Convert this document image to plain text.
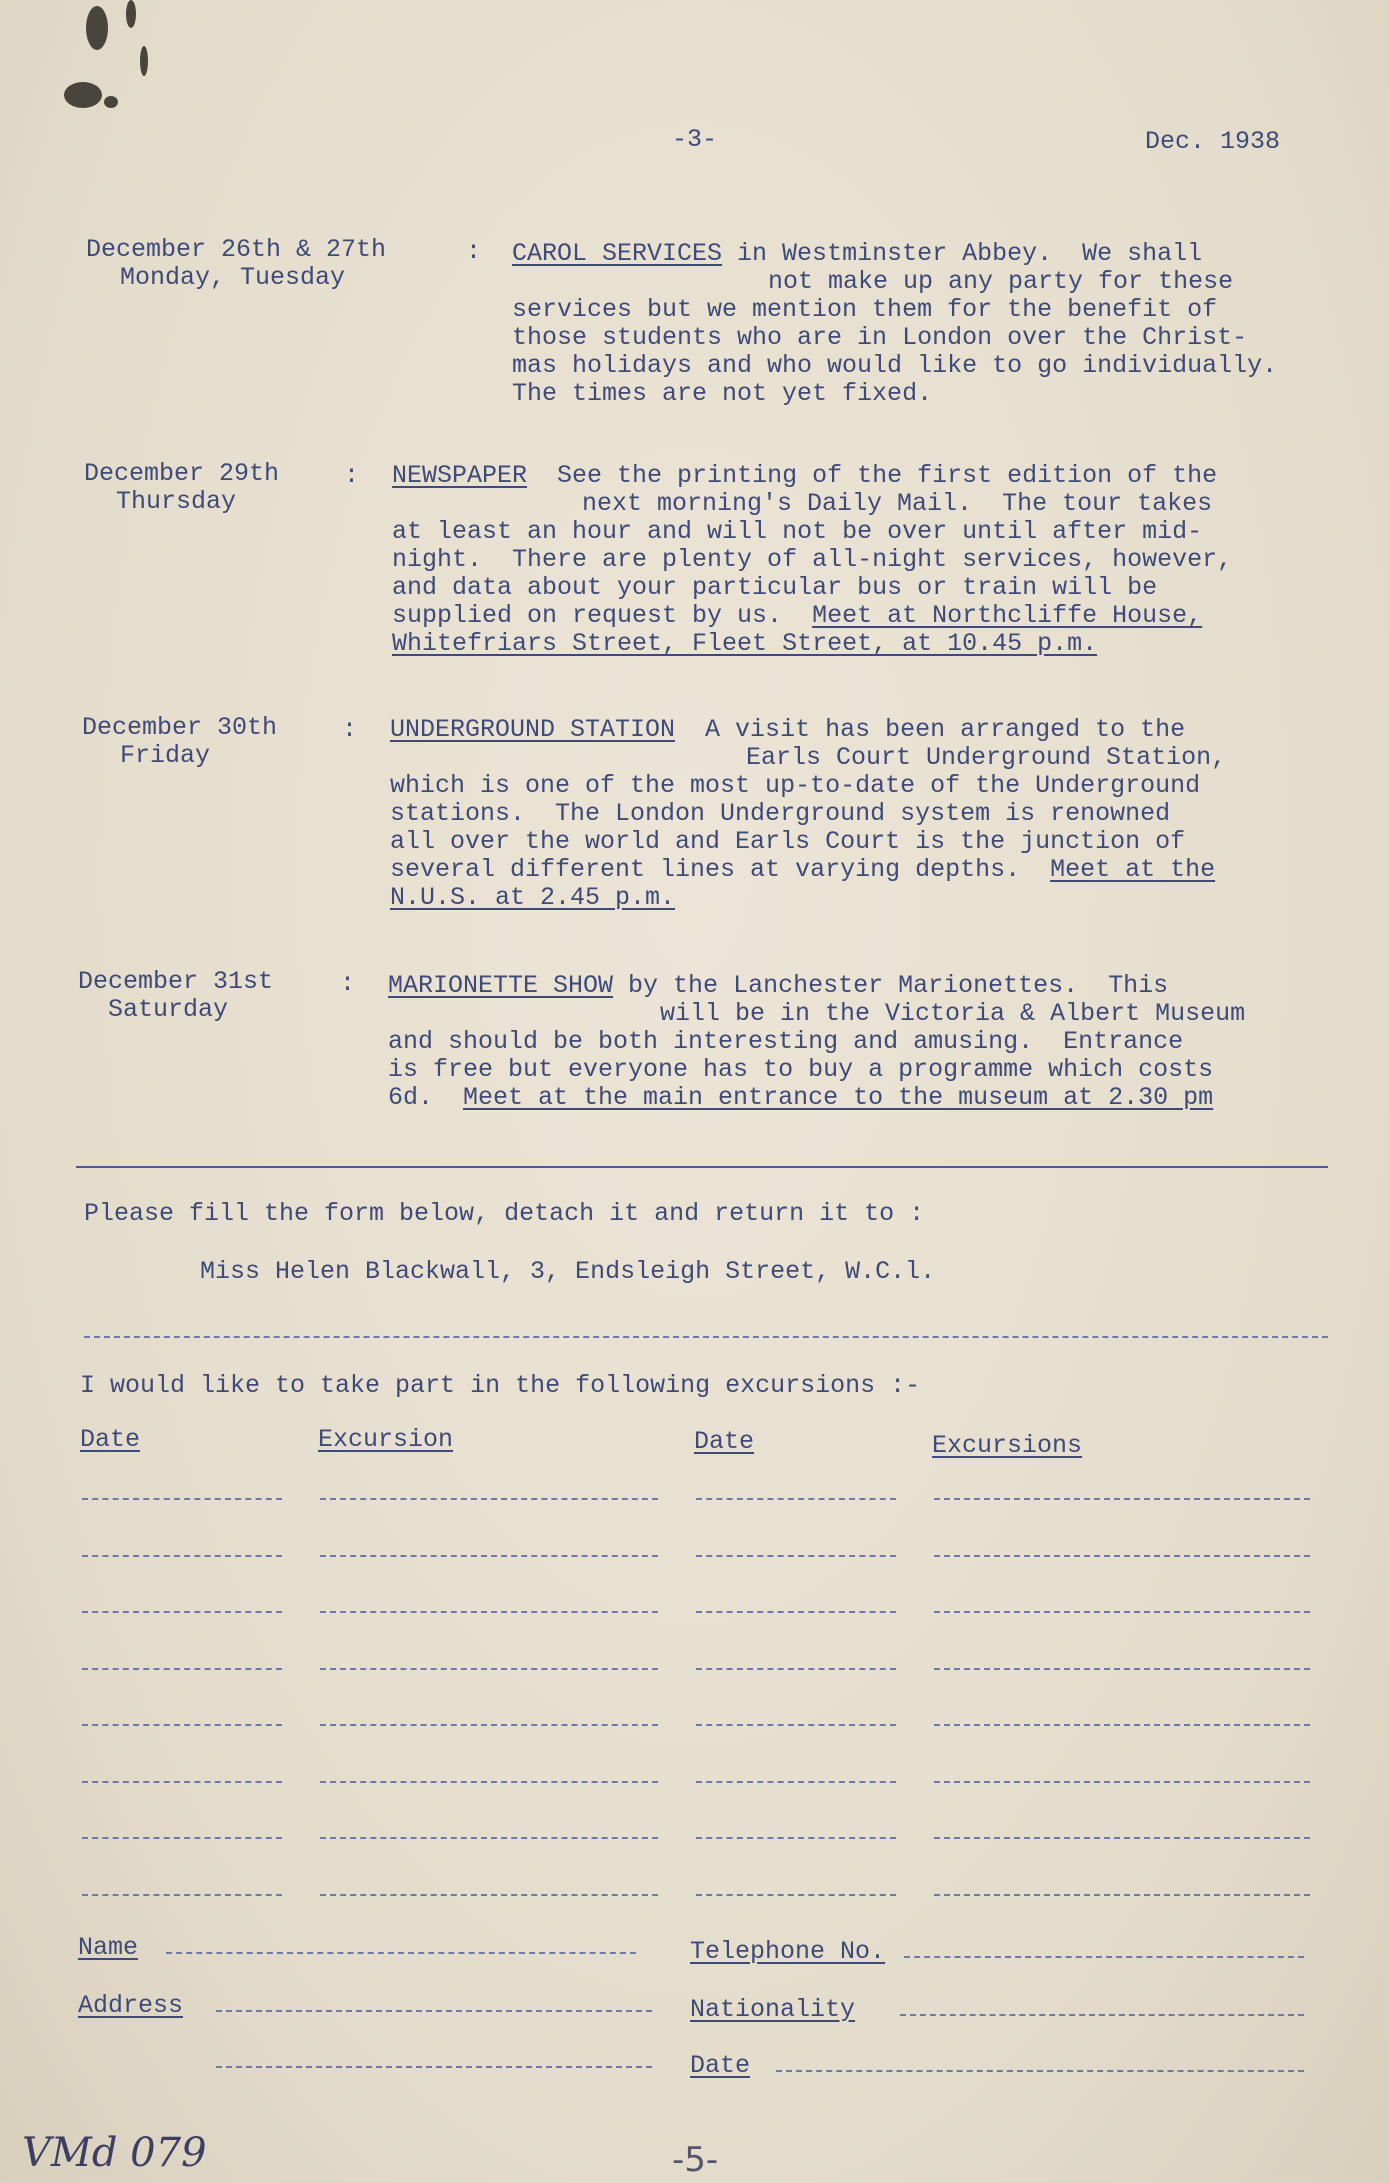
-3-	Dec. 1938
December 26th & 27th
Monday, Tuesday
: CAROL SERVICES in Westminster Abbey.  We shall
not make up any party for these
services but we mention them for the benefit of
those students who are in London over the Christ-
mas holidays and who would like to go individually.
The times are not yet fixed.
December 29th
Thursday
: NEWSPAPER  See the printing of the first edition of the
next morning's Daily Mail.  The tour takes
at least an hour and will not be over until after mid-
night.  There are plenty of all-night services, however,
and data about your particular bus or train will be
supplied on request by us.  Meet at Northcliffe House,
Whitefriars Street, Fleet Street, at 10.45 p.m.
December 30th
Friday
: UNDERGROUND STATION  A visit has been arranged to the
Earls Court Underground Station,
which is one of the most up-to-date of the Underground
stations.  The London Underground system is renowned
all over the world and Earls Court is the junction of
several different lines at varying depths.  Meet at the
N.U.S. at 2.45 p.m.
December 31st
Saturday
: MARIONETTE SHOW by the Lanchester Marionettes.  This
will be in the Victoria & Albert Museum
and should be both interesting and amusing.  Entrance
is free but everyone has to buy a programme which costs
6d.  Meet at the main entrance to the museum at 2.30 pm
Please fill the form below, detach it and return it to :
Miss Helen Blackwall, 3, Endsleigh Street, W.C.l.
I would like to take part in the following excursions :-
Date	Excursion	Date	Excursions
Name	Telephone No.
Address	Nationality
Date
VMd 079	-5-
